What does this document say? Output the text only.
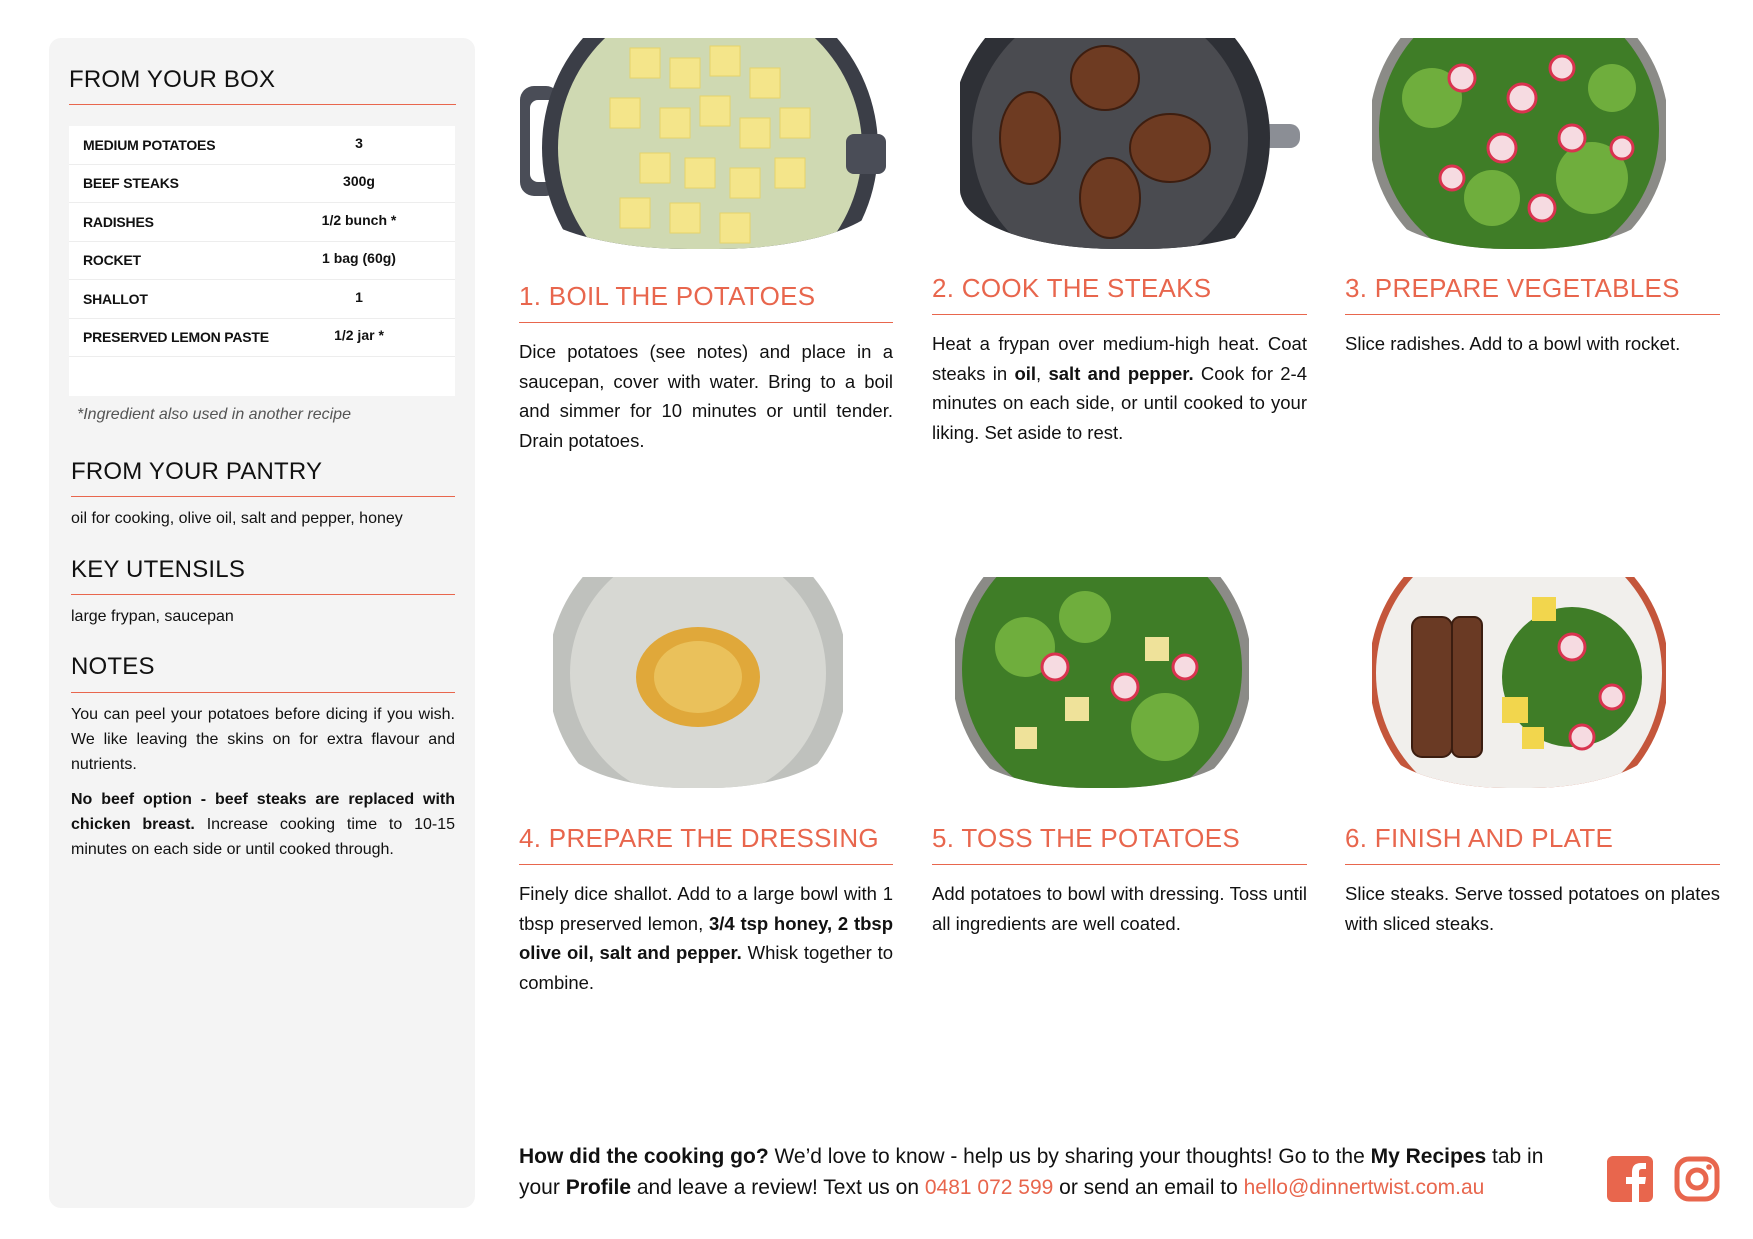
FROM YOUR BOX
MEDIUM POTATOES	3
BEEF STEAKS	300g
RADISHES	1/2 bunch *
ROCKET	1 bag (60g)
SHALLOT	1
PRESERVED LEMON PASTE	1/2 jar *
*Ingredient also used in another recipe
FROM YOUR PANTRY
oil for cooking, olive oil, salt and pepper, honey
KEY UTENSILS
large frypan, saucepan
NOTES
You can peel your potatoes before dicing if you wish. We like leaving the skins on for extra flavour and nutrients.
No beef option - beef steaks are replaced with chicken breast. Increase cooking time to 10-15 minutes on each side or until cooked through.
1. BOIL THE POTATOES
Dice potatoes (see notes) and place in a saucepan, cover with water. Bring to a boil and simmer for 10 minutes or until tender. Drain potatoes.
2. COOK THE STEAKS
Heat a frypan over medium-high heat. Coat steaks in oil, salt and pepper. Cook for 2-4 minutes on each side, or until cooked to your liking. Set aside to rest.
3. PREPARE VEGETABLES
Slice radishes. Add to a bowl with rocket.
4. PREPARE THE DRESSING
Finely dice shallot. Add to a large bowl with 1 tbsp preserved lemon, 3/4 tsp honey, 2 tbsp olive oil, salt and pepper. Whisk together to combine.
5. TOSS THE POTATOES
Add potatoes to bowl with dressing. Toss until all ingredients are well coated.
6. FINISH AND PLATE
Slice steaks. Serve tossed potatoes on plates with sliced steaks.
How did the cooking go? We’d love to know - help us by sharing your thoughts! Go to the My Recipes tab in your Profile and leave a review! Text us on 0481 072 599 or send an email to hello@dinnertwist.com.au
